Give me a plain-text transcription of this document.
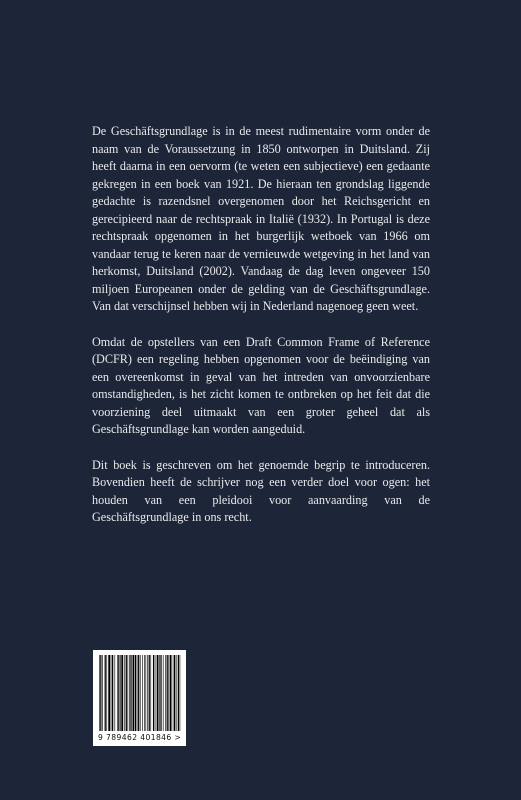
De Geschäftsgrundlage is in de meest rudimentaire vorm onder de naam van de Voraussetzung in 1850 ontworpen in Duitsland. Zij heeft daarna in een oervorm (te weten een subjectieve) een gedaante gekregen in een boek van 1921. De hieraan ten grondslag liggende gedachte is razendsnel overgenomen door het Reichsgericht en gerecipieerd naar de rechtspraak in Italië (1932). In Portugal is deze rechtspraak opgenomen in het burgerlijk wetboek van 1966 om vandaar terug te keren naar de vernieuwde wetgeving in het land van herkomst, Duitsland (2002). Vandaag de dag leven ongeveer 150 miljoen Europeanen onder de gelding van de Geschäftsgrundlage. Van dat verschijnsel hebben wij in Nederland nagenoeg geen weet.

Omdat de opstellers van een Draft Common Frame of Reference (DCFR) een regeling hebben opgenomen voor de beëindiging van een overeenkomst in geval van het intreden van onvoorzienbare omstandigheden, is het zicht komen te ontbreken op het feit dat die voorziening deel uitmaakt van een groter geheel dat als Geschäftsgrundlage kan worden aangeduid.

Dit boek is geschreven om het genoemde begrip te introduceren. Bovendien heeft de schrijver nog een verder doel voor ogen: het houden van een pleidooi voor aanvaarding van de Geschäftsgrundlage in ons recht.

9 789462 401846 >
